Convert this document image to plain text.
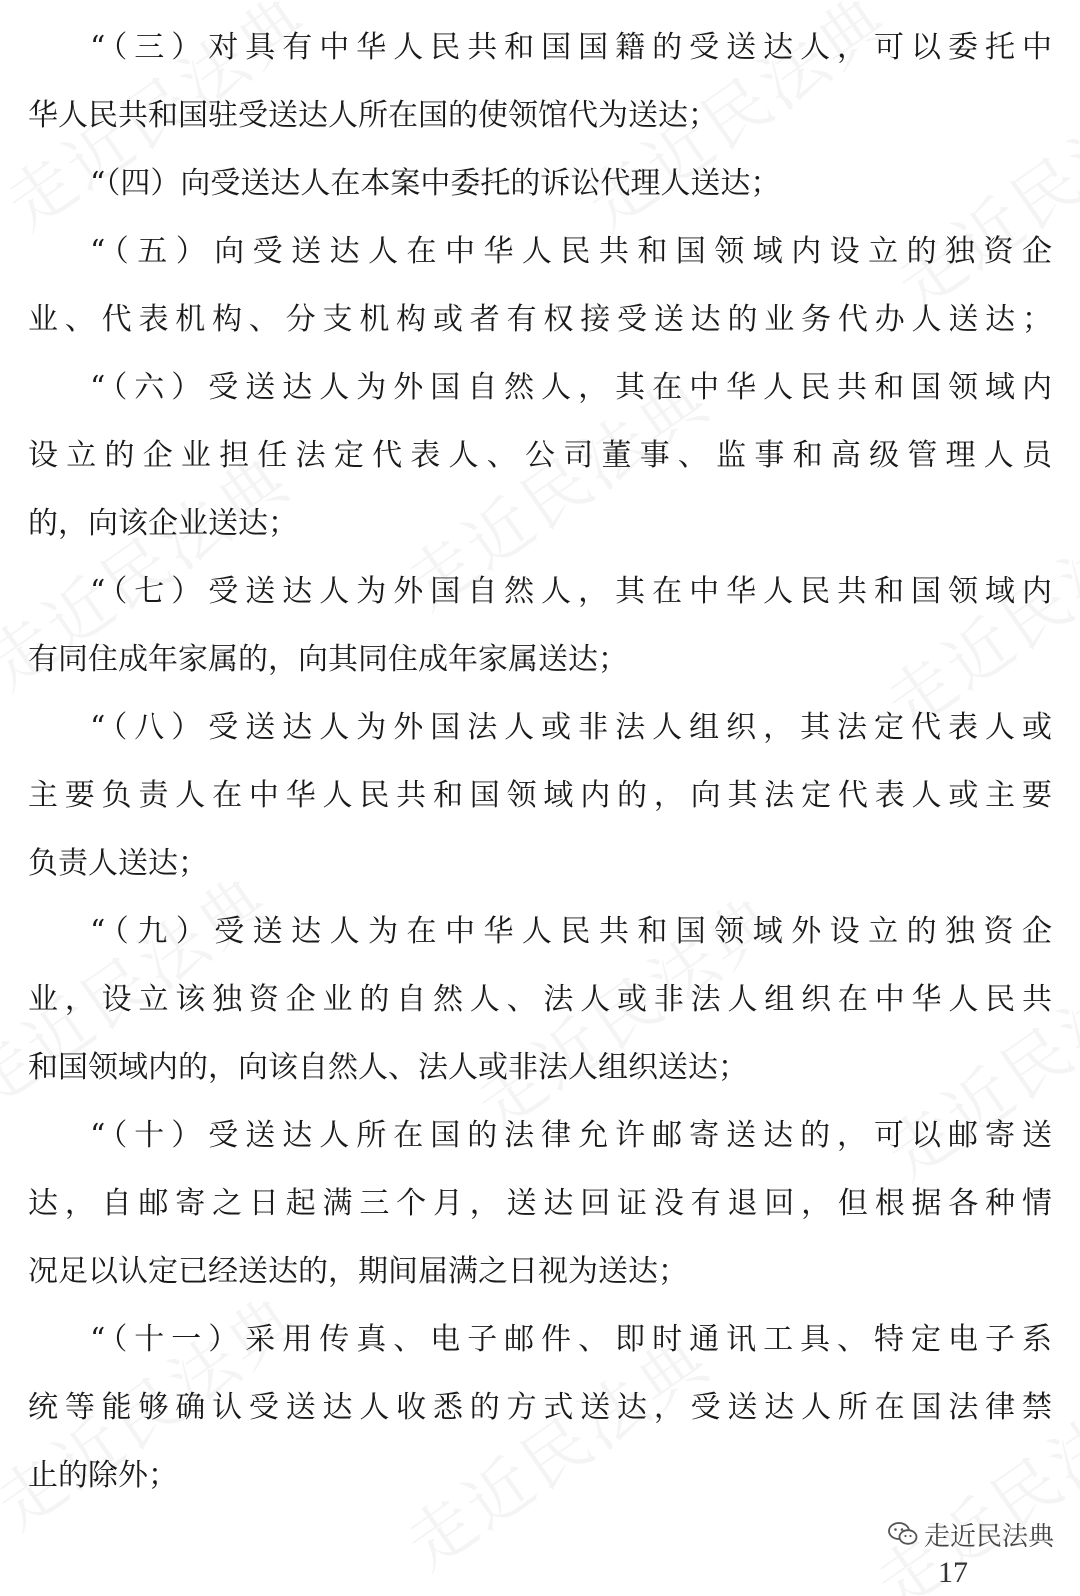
“（三）对具有中华人民共和国国籍的受送达人，可以委托中
华人民共和国驻受送达人所在国的使领馆代为送达；
“（四）向受送达人在本案中委托的诉讼代理人送达；
“（五）向受送达人在中华人民共和国领域内设立的独资企
业、代表机构、分支机构或者有权接受送达的业务代办人送达；
“（六）受送达人为外国自然人，其在中华人民共和国领域内
设立的企业担任法定代表人、公司董事、监事和高级管理人员
的，向该企业送达；
“（七）受送达人为外国自然人，其在中华人民共和国领域内
有同住成年家属的，向其同住成年家属送达；
“（八）受送达人为外国法人或非法人组织，其法定代表人或
主要负责人在中华人民共和国领域内的，向其法定代表人或主要
负责人送达；
“（九）受送达人为在中华人民共和国领域外设立的独资企
业，设立该独资企业的自然人、法人或非法人组织在中华人民共
和国领域内的，向该自然人、法人或非法人组织送达；
“（十）受送达人所在国的法律允许邮寄送达的，可以邮寄送
达，自邮寄之日起满三个月，送达回证没有退回，但根据各种情
况足以认定已经送达的，期间届满之日视为送达；
“（十一）采用传真、电子邮件、即时通讯工具、特定电子系
统等能够确认受送达人收悉的方式送达，受送达人所在国法律禁
止的除外；
走近民法典
17
